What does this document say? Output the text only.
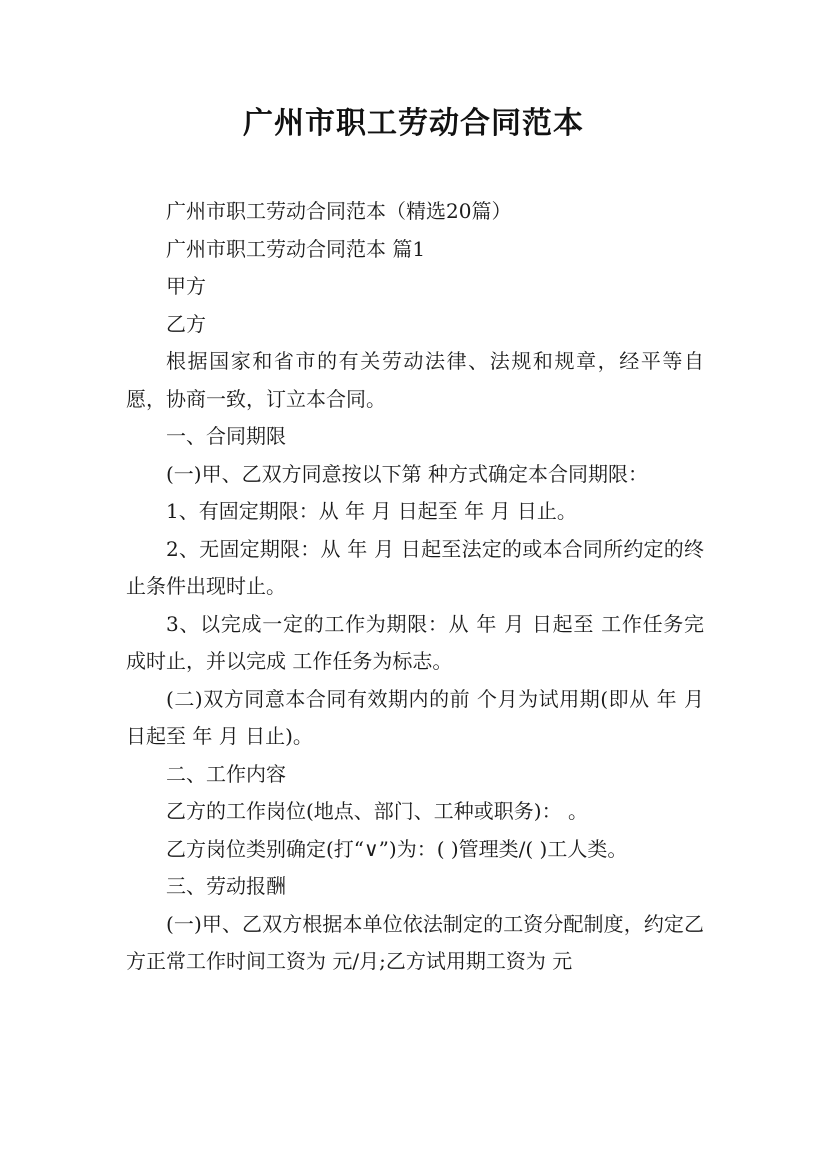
广州市职工劳动合同范本

广州市职工劳动合同范本（精选20篇）

广州市职工劳动合同范本 篇1

甲方

乙方

根据国家和省市的有关劳动法律、法规和规章，经平等自愿，协商一致，订立本合同。

一、合同期限

(一)甲、乙双方同意按以下第 种方式确定本合同期限：

1、有固定期限：从 年 月 日起至 年 月 日止。

2、无固定期限：从 年 月 日起至法定的或本合同所约定的终止条件出现时止。

3、以完成一定的工作为期限：从 年 月 日起至 工作任务完成时止，并以完成 工作任务为标志。

(二)双方同意本合同有效期内的前 个月为试用期(即从 年 月 日起至 年 月 日止)。

二、工作内容

乙方的工作岗位(地点、部门、工种或职务)： 。

乙方岗位类别确定(打“∨”)为：( )管理类/( )工人类。

三、劳动报酬

(一)甲、乙双方根据本单位依法制定的工资分配制度，约定乙方正常工作时间工资为 元/月;乙方试用期工资为 元
